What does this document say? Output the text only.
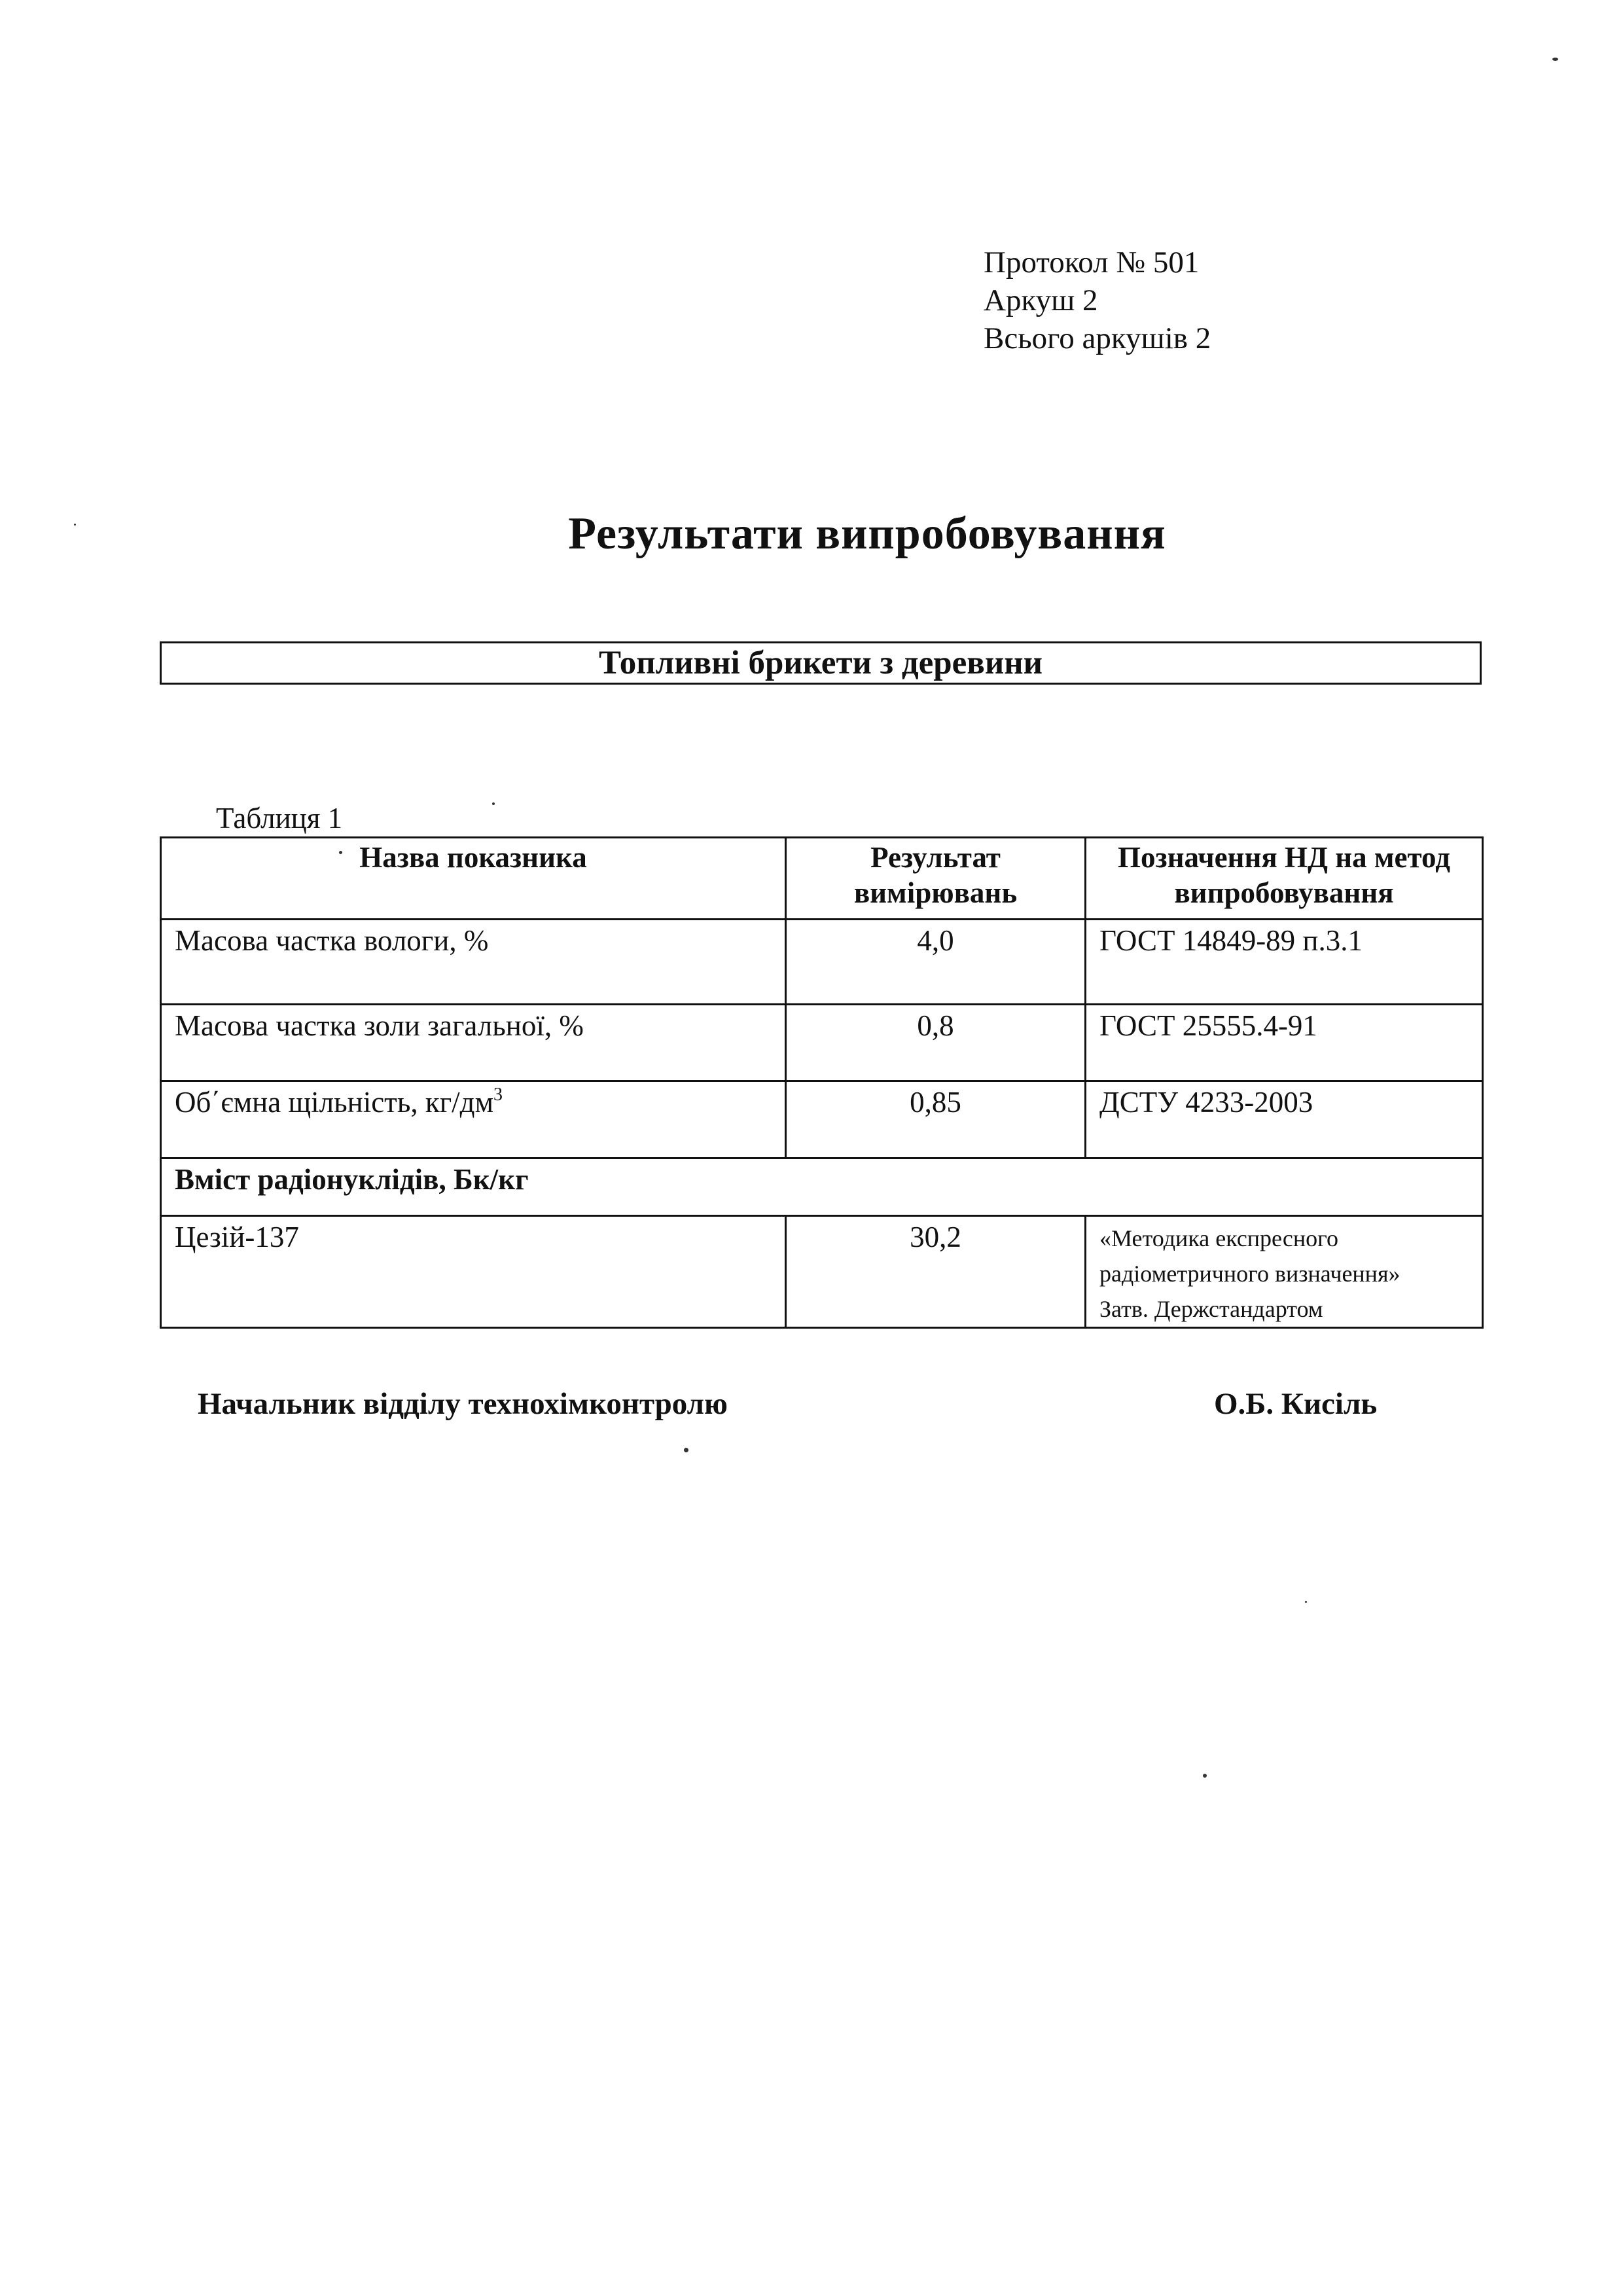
Протокол № 501
Аркуш 2
Всього аркушів 2
Результати випробовування
Топливні брикети з деревини
Таблиця 1
Назва показника	Результат вимірювань	Позначення НД на метод випробовування
Масова частка вологи, %	4,0	ГОСТ 14849-89 п.3.1
Масова частка золи загальної, %	0,8	ГОСТ 25555.4-91
Об΄ємна щільність, $кг/дм^3$	0,85	ДСТУ 4233-2003
Вміст радіонуклідів, Бк/кг		
Цезій-137	30,2	«Методика експресного
радіометричного визначення»
Затв. Держстандартом
Начальник відділу технохімконтролю	О.Б. Кисіль
